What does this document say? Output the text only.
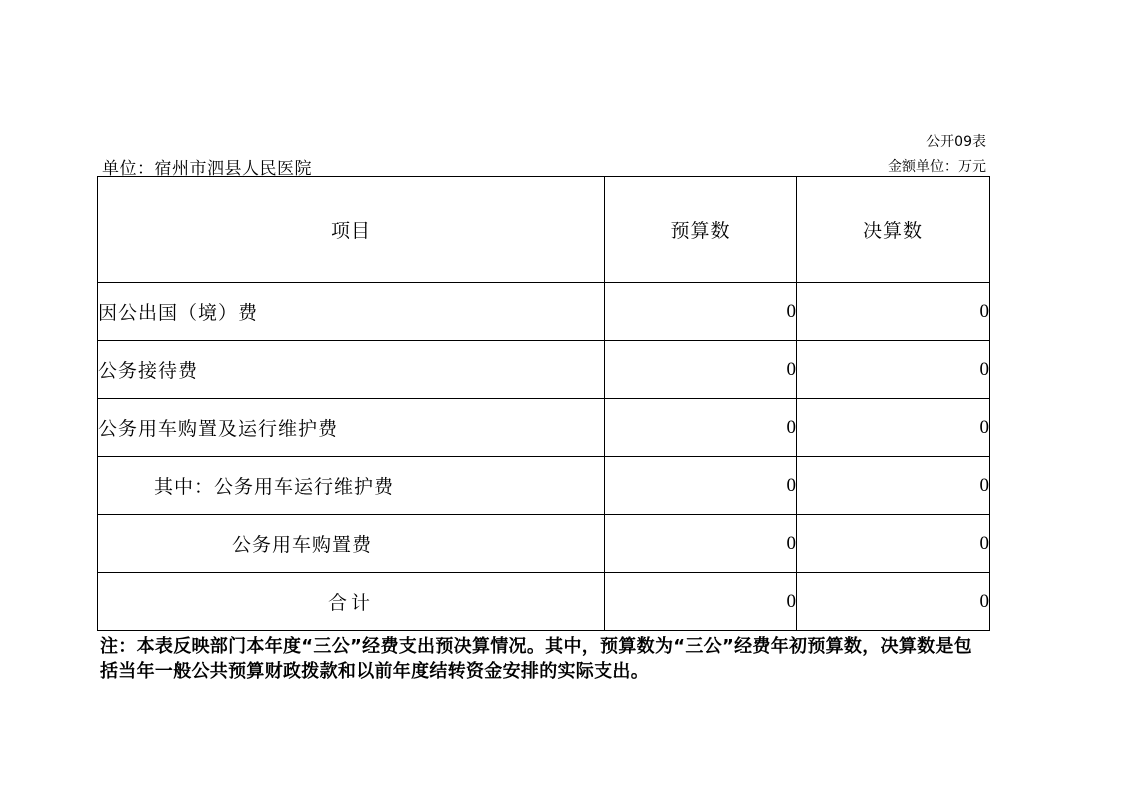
公开09表
单位：宿州市泗县人民医院	金额单位：万元
项目	预算数	决算数
因公出国（境）费	0	0
公务接待费	0	0
公务用车购置及运行维护费	0	0
其中：公务用车运行维护费	0	0
公务用车购置费	0	0
合计	0	0
注：本表反映部门本年度“三公”经费支出预决算情况。其中，预算数为“三公”经费年初预算数，决算数是包括当年一般公共预算财政拨款和以前年度结转资金安排的实际支出。
